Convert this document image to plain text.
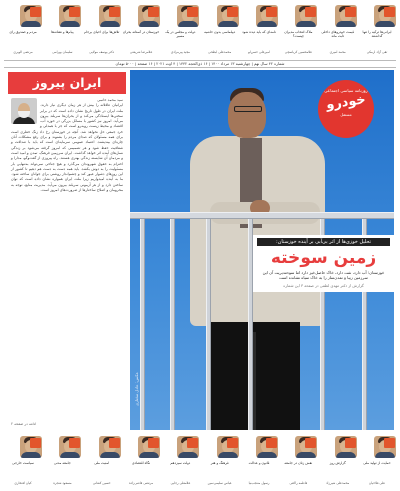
ایرانی‌ها ترکیه را تنها گذاشتند
تقی آزاد ارمکی
قیمت خودروهای داخلی ثابت ماند
محمد امیری
ملاک انتخاب مدیران چیست؟
غلامحسین کرباسچی
نامه‌ای که باید دیده شود
امیرعلی حسن‌لو
دیپلماسی بدون حاشیه
محمدعلی ابطحی
دولت و مجلس در یک مسیر
مجید پیرمرادی
خوزستان در آستانه بحران
غلامرضا شریعتی
تلاش‌ها برای احیای برجام
دکتر یوسف مولایی
پیام‌ها و نشانه‌ها
سلیمان بهرامی
مردم و صندوق رای
مرتضی الویری
شماره ۴۲ سال نهم | چهارشنبه ۱۳ مرداد ۱۴۰۰ | ۱۶ ذی‌الحجه ۱۴۴۲ | ۴ اوت ۲۰۲۱ | ۱۶ صفحه | ۵۰۰۰ تومان
ایران پیروز
سید محمد خاتمی
ایرانیان عاقلانه را بیش از هر زمان دیگری نیاز دارند. ملت ایران در طول تاریخ نشان داده است که در برابر سختی‌ها ایستادگی می‌کند و از بحران‌ها سربلند بیرون می‌آید. امروز نیز کشور با مسائل بزرگی در حوزه آب، اقتصاد و محیط زیست روبه‌رو است که جز با همدلی و خرد جمعی حل نخواهد شد. آنچه در خوزستان رخ داد زنگ خطری است برای همه مسئولان که صدای مردم را بشنوند و برای رفع مشکلات آنان چاره‌ای بیندیشند. اعتماد عمومی سرمایه‌ای است که باید با صداقت و شفافیت حفظ شود و هر تصمیمی که امروز گرفته می‌شود بر زندگی نسل‌های آینده اثر خواهد گذاشت. ایران سرزمین فرهنگ، تمدن و امید است و مردمان آن شایسته زندگی بهتری هستند. راه پیروزی از گفت‌وگو، مدارا و احترام به حقوق شهروندان می‌گذرد و هیچ جناحی نمی‌تواند به‌تنهایی بار مسئولیت را به دوش بکشد. باید همه دست به دست هم دهیم تا کشور از این روزهای دشوار عبور کند و چشم‌انداز روشنی برای جوانان ساخته شود. ما به آینده امیدواریم زیرا ملت ایران همواره نشان داده است که توان ساختن دارد و از هر آزمونی سربلند بیرون می‌آید. مدیریت منابع، توجه به محرومان و اصلاح ساختارها از ضرورت‌های امروز است.
ادامه در صفحه ۲
روزنامه سیاسی اجتماعی
خودرو
مستقل
عکس: عادل مختاری
تحلیل خوزی‌ها از اثر بی‌آبی بر آینده خوزستان:
زمین سوخته
خوزستان؛ آب دارد، نفت دارد، خاک حاصل‌خیز دارد اما سوءمدیریت آن این سرزمین زیبا و تمدن‌ساز را به خاک سیاه نشانده است
گزارش از دکتر مهدی لطفی در صفحه ۳ این شماره
حمایت از تولید ملی
علی فلاحیان
گزارش روز
محمدعلی شیرزاد
نقش زنان در جامعه
فاطمه راکعی
قانون و عدالت
رسول منتجب‌نیا
فرهنگ و هنر
عباس سلیمی‌نمین
دولت سیزدهم
غلامعلی رجایی
نگاه اقتصادی
مرتضی قاضی‌زاده
امنیت ملی
حسین کنعانی
جامعه مدنی
مسعود شجره
سیاست خارجی
کیان افتخاری
